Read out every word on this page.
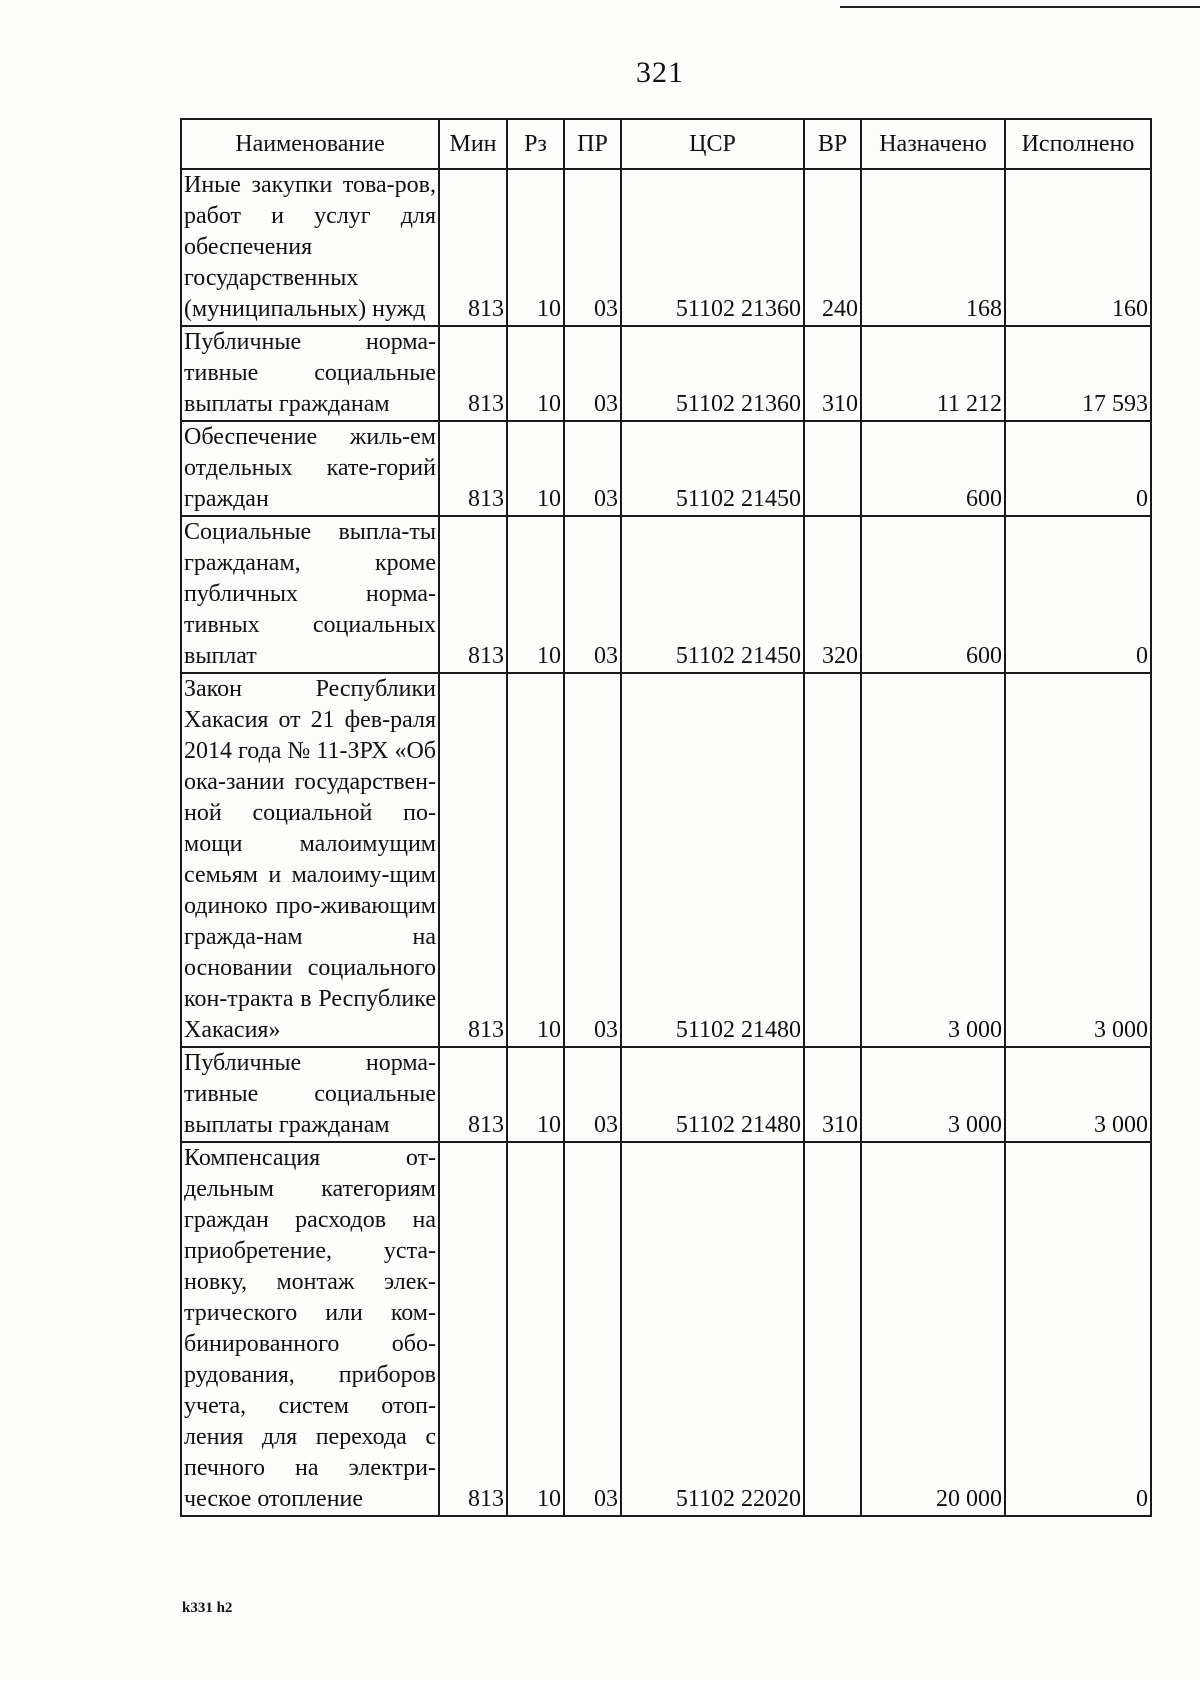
321
Наименование	Мин	Рз	ПР	ЦСР	ВР	Назначено	Исполнено
Иные закупки това-ров, работ и услуг для обеспечения государственных (муниципальных) нужд	813	10	03	51102 21360	240	168	160
Публичные норма-тивные социальные выплаты гражданам	813	10	03	51102 21360	310	11 212	17 593
Обеспечение жиль-ем отдельных кате-горий граждан	813	10	03	51102 21450		600	0
Социальные выпла-ты гражданам, кроме публичных норма-тивных социальных выплат	813	10	03	51102 21450	320	600	0
Закон Республики Хакасия от 21 фев-раля 2014 года № 11-ЗРХ «Об ока-зании государствен-ной социальной по-мощи малоимущим семьям и малоиму-щим одиноко про-живающим гражда-нам на основании социального кон-тракта в Республике Хакасия»	813	10	03	51102 21480		3 000	3 000
Публичные норма-тивные социальные выплаты гражданам	813	10	03	51102 21480	310	3 000	3 000
Компенсация от-дельным категориям граждан расходов на приобретение, уста-новку, монтаж элек-трического или ком-бинированного обо-рудования, приборов учета, систем отоп-ления для перехода с печного на электри-ческое отопление	813	10	03	51102 22020		20 000	0
k331 h2
